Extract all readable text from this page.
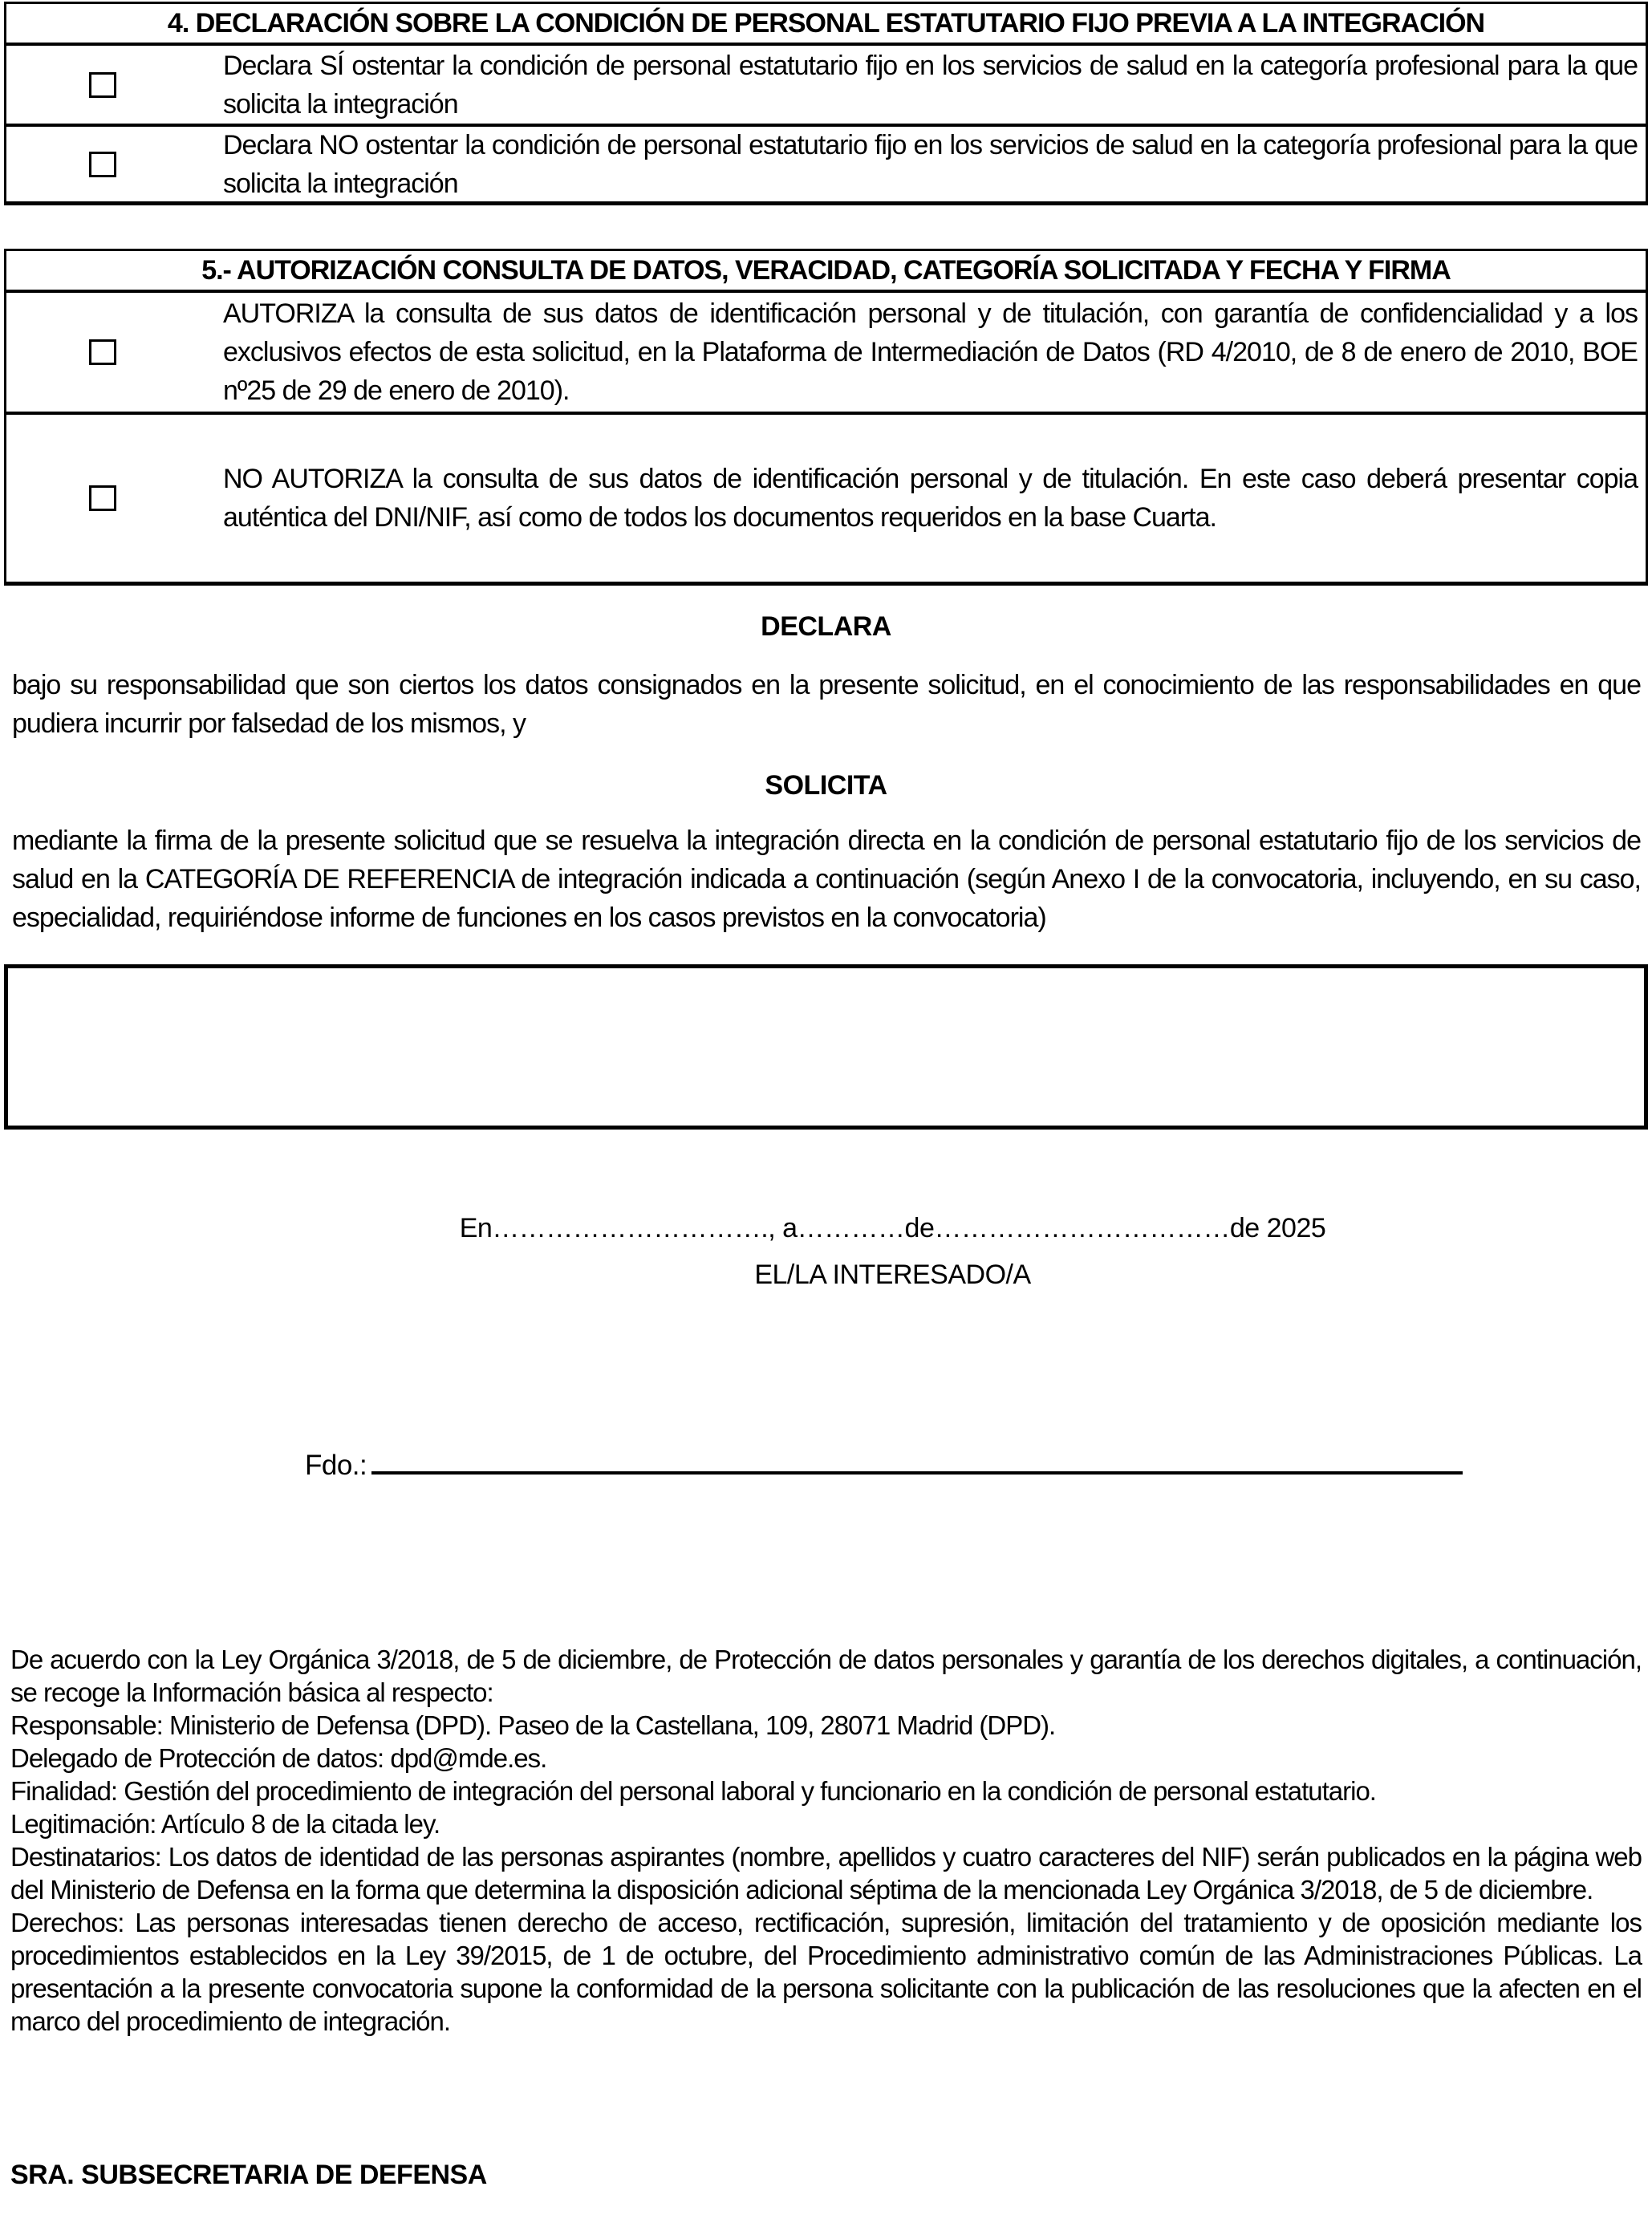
4. DECLARACIÓN SOBRE LA CONDICIÓN DE PERSONAL ESTATUTARIO FIJO PREVIA A LA INTEGRACIÓN
Declara SÍ ostentar la condición de personal estatutario fijo en los servicios de salud en la categoría profesional para la que solicita la integración
Declara NO ostentar la condición de personal estatutario fijo en los servicios de salud en la categoría profesional para la que solicita la integración
5.- AUTORIZACIÓN CONSULTA DE DATOS, VERACIDAD, CATEGORÍA SOLICITADA Y FECHA Y FIRMA
AUTORIZA la consulta de sus datos de identificación personal y de titulación, con garantía de confidencialidad y a los exclusivos efectos de esta solicitud, en la Plataforma de Intermediación de Datos (RD 4/2010, de 8 de enero de 2010, BOE nº25 de 29 de enero de 2010).
NO AUTORIZA la consulta de sus datos de identificación personal y de titulación. En este caso deberá presentar copia auténtica del DNI/NIF, así como de todos los documentos requeridos en la base Cuarta.
DECLARA
bajo su responsabilidad que son ciertos los datos consignados en la presente solicitud, en el conocimiento de las responsabilidades en que pudiera incurrir por falsedad de los mismos, y
SOLICITA
mediante la firma de la presente solicitud que se resuelva la integración directa en la condición de personal estatutario fijo de los servicios de salud en la CATEGORÍA DE REFERENCIA de integración indicada a continuación (según Anexo I de la convocatoria, incluyendo, en su caso, especialidad, requiriéndose informe de funciones en los casos previstos en la convocatoria)
En…………………………., a…………de……………………………de 2025
EL/LA INTERESADO/A
Fdo.:

De acuerdo con la Ley Orgánica 3/2018, de 5 de diciembre, de Protección de datos personales y garantía de los derechos digitales, a continuación, se recoge la Información básica al respecto:

Responsable: Ministerio de Defensa (DPD). Paseo de la Castellana, 109, 28071 Madrid (DPD).

Delegado de Protección de datos: dpd@mde.es.

Finalidad: Gestión del procedimiento de integración del personal laboral y funcionario en la condición de personal estatutario.

Legitimación: Artículo 8 de la citada ley.

Destinatarios: Los datos de identidad de las personas aspirantes (nombre, apellidos y cuatro caracteres del NIF) serán publicados en la página web del Ministerio de Defensa en la forma que determina la disposición adicional séptima de la mencionada Ley Orgánica 3/2018, de 5 de diciembre.

Derechos: Las personas interesadas tienen derecho de acceso, rectificación, supresión, limitación del tratamiento y de oposición mediante los procedimientos establecidos en la Ley 39/2015, de 1 de octubre, del Procedimiento administrativo común de las Administraciones Públicas. La presentación a la presente convocatoria supone la conformidad de la persona solicitante con la publicación de las resoluciones que la afecten en el marco del procedimiento de integración.

SRA. SUBSECRETARIA DE DEFENSA
